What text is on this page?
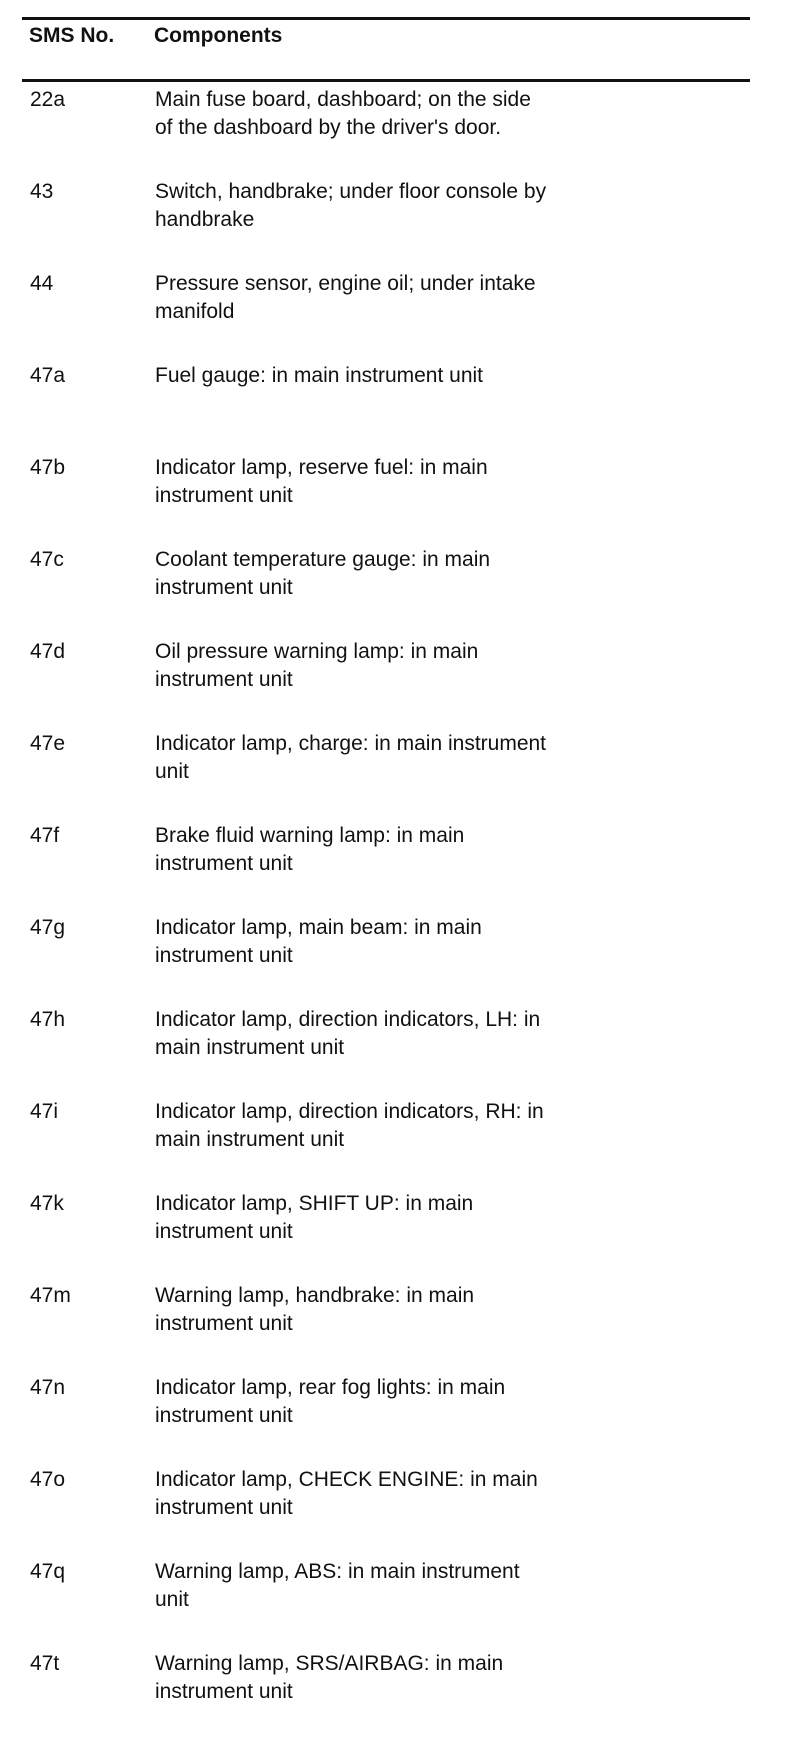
SMS No. Components
22a	Main fuse board, dashboard; on the side
of the dashboard by the driver's door.
43	Switch, handbrake; under floor console by
handbrake
44	Pressure sensor, engine oil; under intake
manifold
47a	Fuel gauge: in main instrument unit
47b	Indicator lamp, reserve fuel: in main
instrument unit
47c	Coolant temperature gauge: in main
instrument unit
47d	Oil pressure warning lamp: in main
instrument unit
47e	Indicator lamp, charge: in main instrument
unit
47f	Brake fluid warning lamp: in main
instrument unit
47g	Indicator lamp, main beam: in main
instrument unit
47h	Indicator lamp, direction indicators, LH: in
main instrument unit
47i	Indicator lamp, direction indicators, RH: in
main instrument unit
47k	Indicator lamp, SHIFT UP: in main
instrument unit
47m	Warning lamp, handbrake: in main
instrument unit
47n	Indicator lamp, rear fog lights: in main
instrument unit
47o	Indicator lamp, CHECK ENGINE: in main
instrument unit
47q	Warning lamp, ABS: in main instrument
unit
47t	Warning lamp, SRS/AIRBAG: in main
instrument unit
